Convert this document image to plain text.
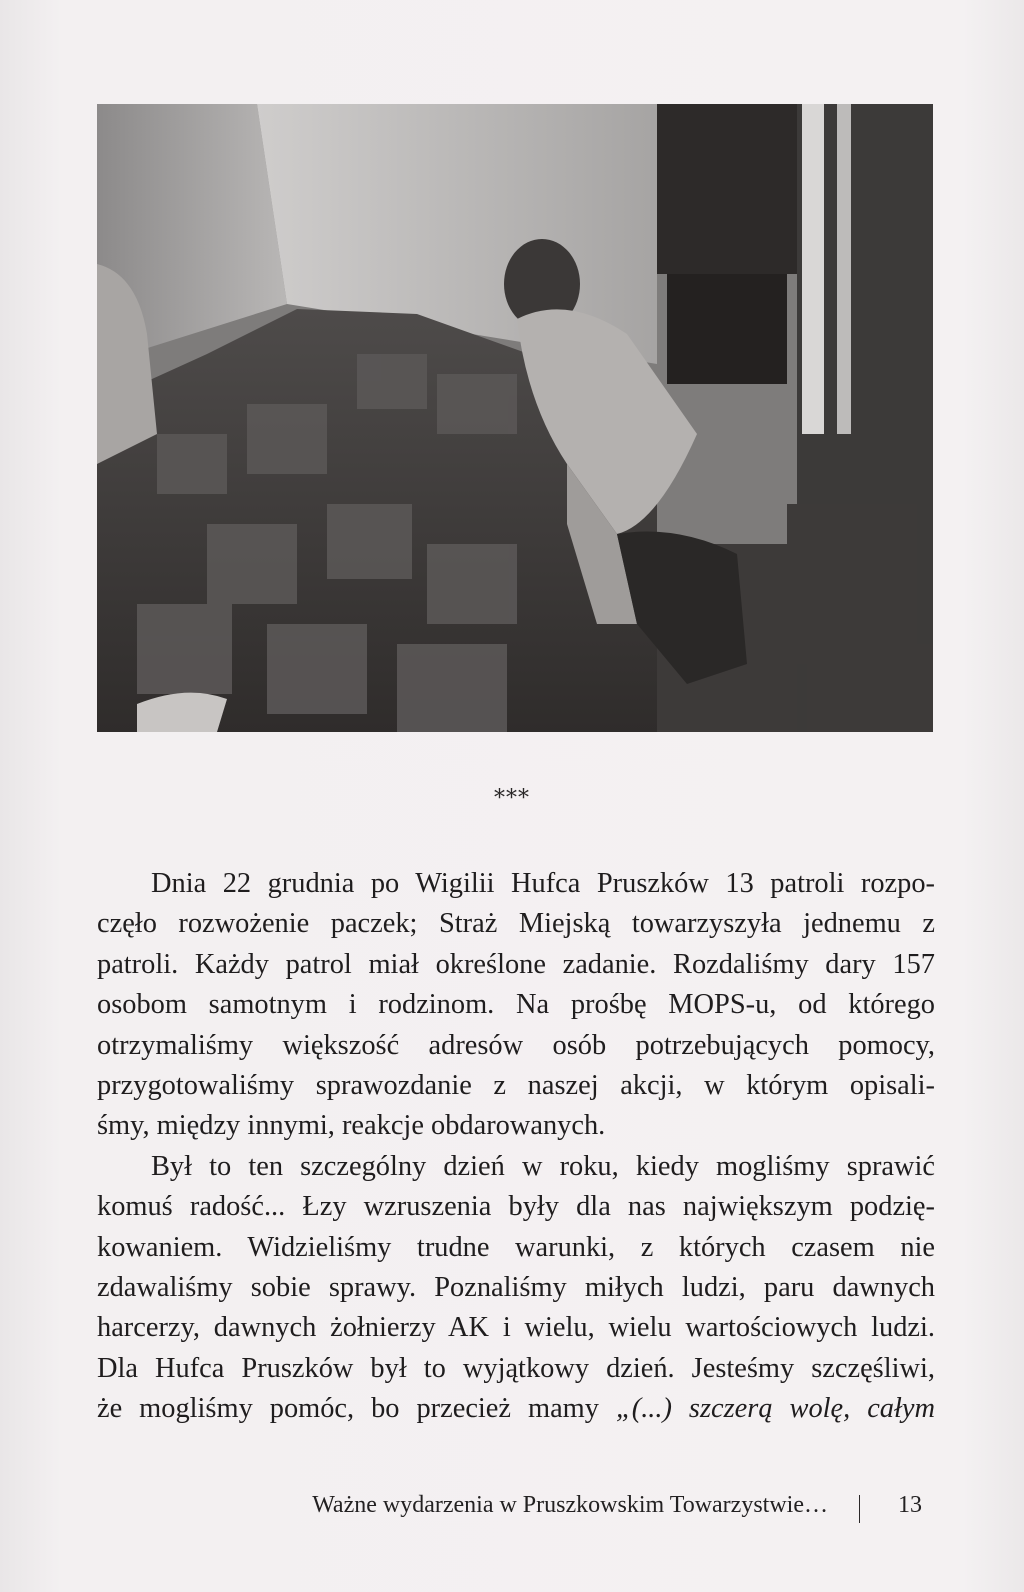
***
Dnia 22 grudnia po Wigilii Hufca Pruszków 13 patroli rozpo-
częło rozwożenie paczek; Straż Miejską towarzyszyła jednemu z
patroli. Każdy patrol miał określone zadanie. Rozdaliśmy dary 157
osobom samotnym i rodzinom. Na prośbę MOPS-u, od którego
otrzymaliśmy większość adresów osób potrzebujących pomocy,
przygotowaliśmy sprawozdanie z naszej akcji, w którym opisali-
śmy, między innymi, reakcje obdarowanych.
Był to ten szczególny dzień w roku, kiedy mogliśmy sprawić
komuś radość... Łzy wzruszenia były dla nas największym podzię-
kowaniem. Widzieliśmy trudne warunki, z których czasem nie
zdawaliśmy sobie sprawy. Poznaliśmy miłych ludzi, paru dawnych
harcerzy, dawnych żołnierzy AK i wielu, wielu wartościowych ludzi.
Dla Hufca Pruszków był to wyjątkowy dzień. Jesteśmy szczęśliwi,
że mogliśmy pomóc, bo przecież mamy „(...) szczerą wolę, całym
Ważne wydarzenia w Pruszkowskim Towarzystwie…	13
